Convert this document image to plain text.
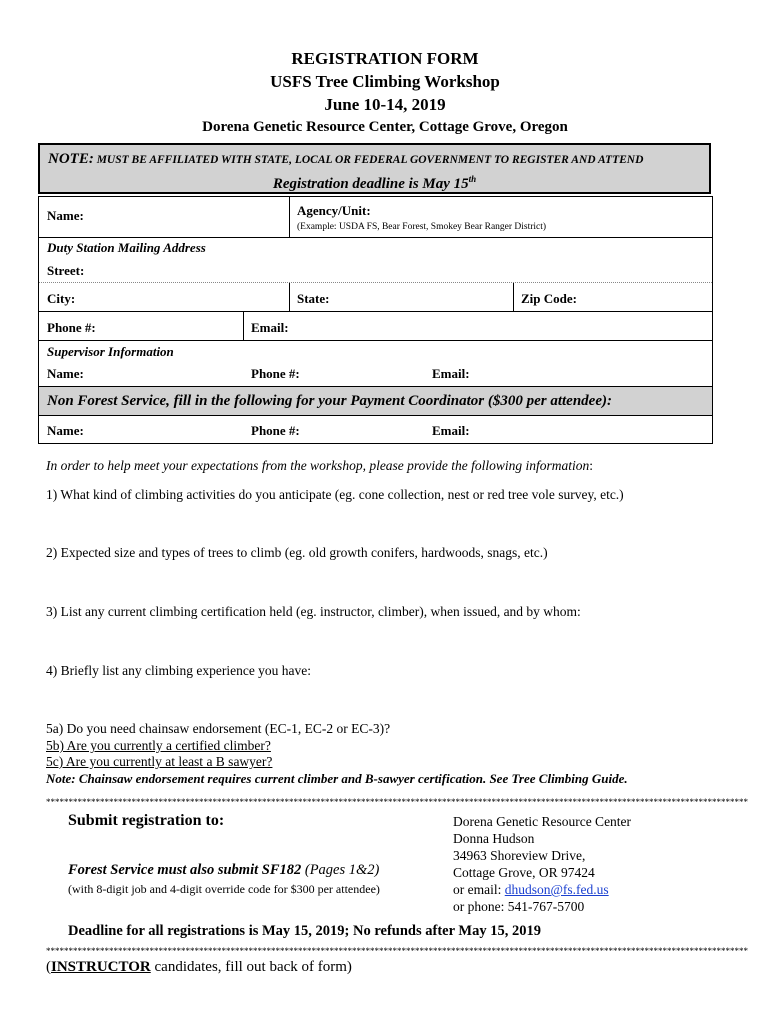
REGISTRATION FORM
USFS Tree Climbing Workshop
June 10-14, 2019
Dorena Genetic Resource Center, Cottage Grove, Oregon
NOTE: MUST BE AFFILIATED WITH STATE, LOCAL OR FEDERAL GOVERNMENT TO REGISTER AND ATTEND
Registration deadline is May 15th
Name:	Agency/Unit:
(Example: USDA FS, Bear Forest, Smokey Bear Ranger District)
Duty Station Mailing Address
Street:
City:	State:	Zip Code:
Phone #:	Email:
Supervisor Information
Name:	Phone #:	Email:
Non Forest Service, fill in the following for your Payment Coordinator ($300 per attendee):
Name:	Phone #:	Email:
In order to help meet your expectations from the workshop, please provide the following information:
1) What kind of climbing activities do you anticipate (eg. cone collection, nest or red tree vole survey, etc.)
2) Expected size and types of trees to climb (eg. old growth conifers, hardwoods, snags, etc.)
3) List any current climbing certification held (eg. instructor, climber), when issued, and by whom:
4) Briefly list any climbing experience you have:
5a) Do you need chainsaw endorsement (EC-1, EC-2 or EC-3)?
5b) Are you currently a certified climber?
5c) Are you currently at least a B sawyer?
Note: Chainsaw endorsement requires current climber and B-sawyer certification. See Tree Climbing Guide.
************************************************************************************************************************************************************
Submit registration to:
Forest Service must also submit SF182 (Pages 1&2)
(with 8-digit job and 4-digit override code for $300 per attendee)
Dorena Genetic Resource Center
Donna Hudson
34963 Shoreview Drive,
Cottage Grove, OR 97424
or email: dhudson@fs.fed.us
or phone: 541-767-5700
Deadline for all registrations is May 15, 2019; No refunds after May 15, 2019
************************************************************************************************************************************************************
(INSTRUCTOR candidates, fill out back of form)
